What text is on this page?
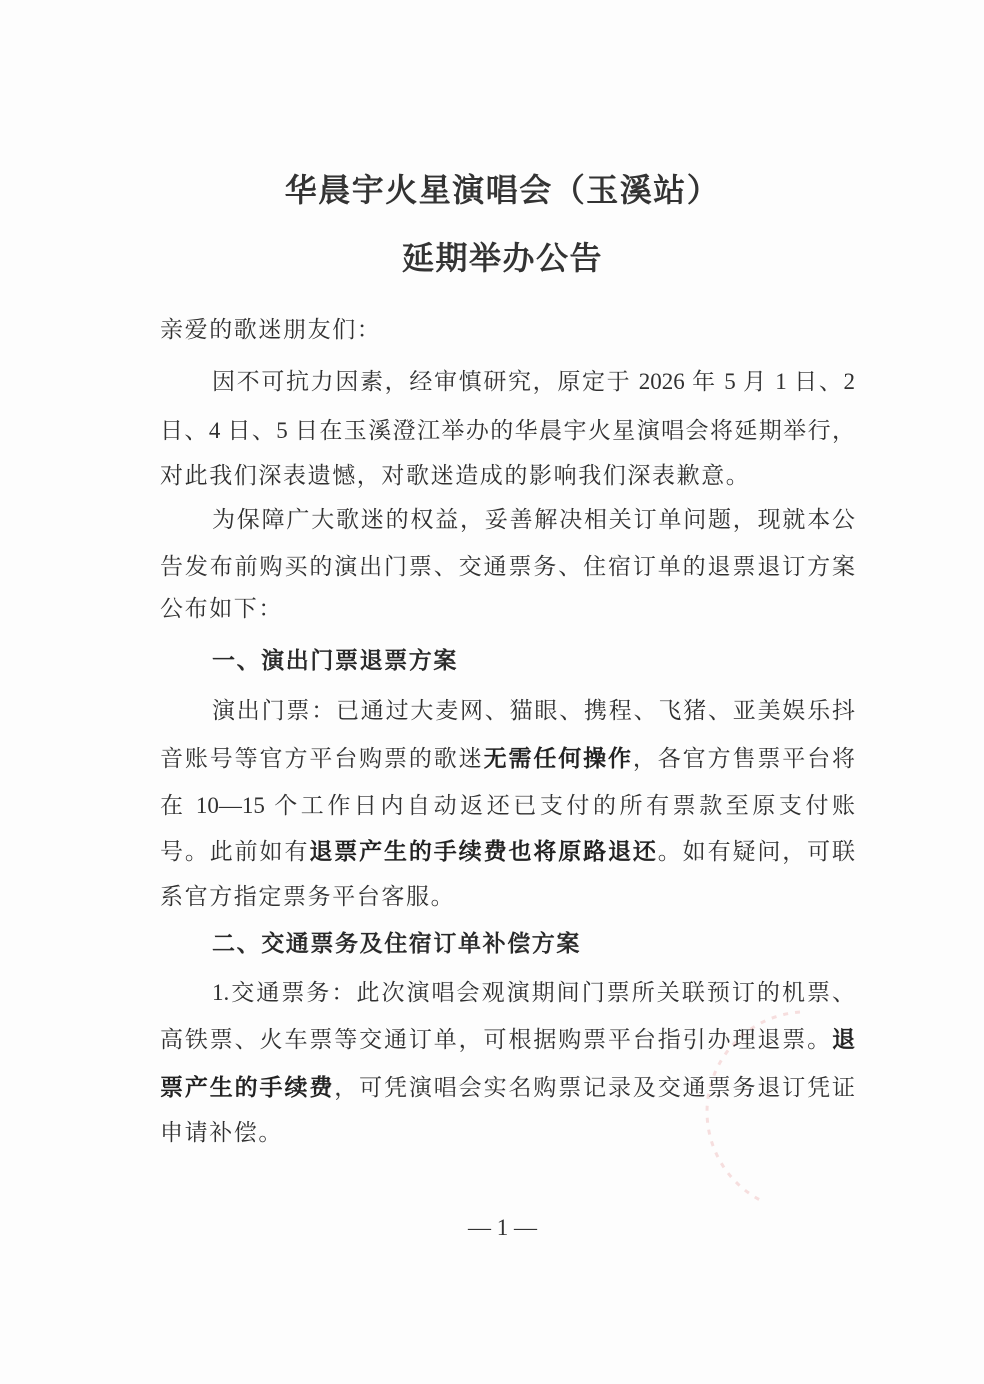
华晨宇火星演唱会（玉溪站）
延期举办公告
亲爱的歌迷朋友们：
因不可抗力因素，经审慎研究，原定于 2026 年 5 月 1 日、2
日、4 日、5 日在玉溪澄江举办的华晨宇火星演唱会将延期举行，
对此我们深表遗憾，对歌迷造成的影响我们深表歉意。
为保障广大歌迷的权益，妥善解决相关订单问题，现就本公
告发布前购买的演出门票、交通票务、住宿订单的退票退订方案
公布如下：
一、演出门票退票方案
演出门票：已通过大麦网、猫眼、携程、飞猪、亚美娱乐抖
音账号等官方平台购票的歌迷无需任何操作，各官方售票平台将
在 10—15 个工作日内自动返还已支付的所有票款至原支付账
号。此前如有退票产生的手续费也将原路退还。如有疑问，可联
系官方指定票务平台客服。
二、交通票务及住宿订单补偿方案
1.交通票务：此次演唱会观演期间门票所关联预订的机票、
高铁票、火车票等交通订单，可根据购票平台指引办理退票。退
票产生的手续费，可凭演唱会实名购票记录及交通票务退订凭证
申请补偿。
— 1 —
